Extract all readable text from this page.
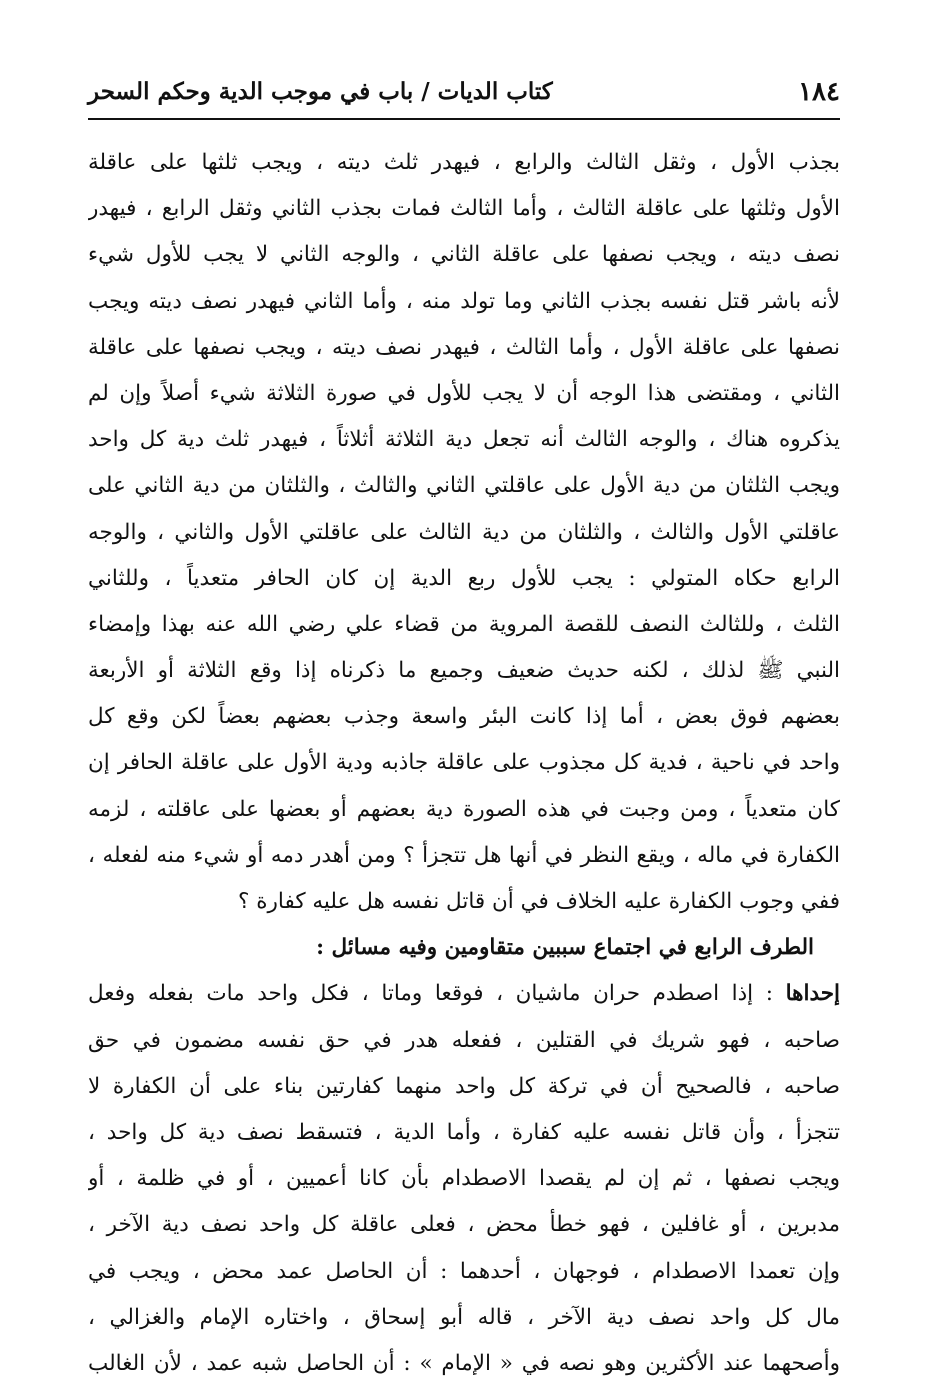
١٨٤
كتاب الديات / باب في موجب الدية وحكم السحر
بجذب الأول ، وثقل الثالث والرابع ، فيهدر ثلث ديته ، ويجب ثلثها على عاقلة
الأول وثلثها على عاقلة الثالث ، وأما الثالث فمات بجذب الثاني وثقل الرابع ، فيهدر
نصف ديته ، ويجب نصفها على عاقلة الثاني ، والوجه الثاني لا يجب للأول شيء
لأنه باشر قتل نفسه بجذب الثاني وما تولد منه ، وأما الثاني فيهدر نصف ديته ويجب
نصفها على عاقلة الأول ، وأما الثالث ، فيهدر نصف ديته ، ويجب نصفها على عاقلة
الثاني ، ومقتضى هذا الوجه أن لا يجب للأول في صورة الثلاثة شيء أصلاً وإن لم
يذكروه هناك ، والوجه الثالث أنه تجعل دية الثلاثة أثلاثاً ، فيهدر ثلث دية كل واحد
ويجب الثلثان من دية الأول على عاقلتي الثاني والثالث ، والثلثان من دية الثاني على
عاقلتي الأول والثالث ، والثلثان من دية الثالث على عاقلتي الأول والثاني ، والوجه
الرابع حكاه المتولي : يجب للأول ربع الدية إن كان الحافر متعدياً ، وللثاني
الثلث ، وللثالث النصف للقصة المروية من قضاء علي رضي الله عنه بهذا وإمضاء
النبي ﷺ لذلك ، لكنه حديث ضعيف وجميع ما ذكرناه إذا وقع الثلاثة أو الأربعة
بعضهم فوق بعض ، أما إذا كانت البئر واسعة وجذب بعضهم بعضاً لكن وقع كل
واحد في ناحية ، فدية كل مجذوب على عاقلة جاذبه ودية الأول على عاقلة الحافر إن
كان متعدياً ، ومن وجبت في هذه الصورة دية بعضهم أو بعضها على عاقلته ، لزمه
الكفارة في ماله ، ويقع النظر في أنها هل تتجزأ ؟ ومن أهدر دمه أو شيء منه لفعله ،
ففي وجوب الكفارة عليه الخلاف في أن قاتل نفسه هل عليه كفارة ؟
الطرف الرابع في اجتماع سببين متقاومين وفيه مسائل :
إحداها : إذا اصطدم حران ماشيان ، فوقعا وماتا ، فكل واحد مات بفعله وفعل
صاحبه ، فهو شريك في القتلين ، ففعله هدر في حق نفسه مضمون في حق
صاحبه ، فالصحيح أن في تركة كل واحد منهما كفارتين بناء على أن الكفارة لا
تتجزأ ، وأن قاتل نفسه عليه كفارة ، وأما الدية ، فتسقط نصف دية كل واحد ،
ويجب نصفها ، ثم إن لم يقصدا الاصطدام بأن كانا أعميين ، أو في ظلمة ، أو
مدبرين ، أو غافلين ، فهو خطأ محض ، فعلى عاقلة كل واحد نصف دية الآخر ،
وإن تعمدا الاصطدام ، فوجهان ، أحدهما : أن الحاصل عمد محض ، ويجب في
مال كل واحد نصف دية الآخر ، قاله أبو إسحاق ، واختاره الإمام والغزالي ،
وأصحهما عند الأكثرين وهو نصه في « الإمام » : أن الحاصل شبه عمد ، لأن الغالب
